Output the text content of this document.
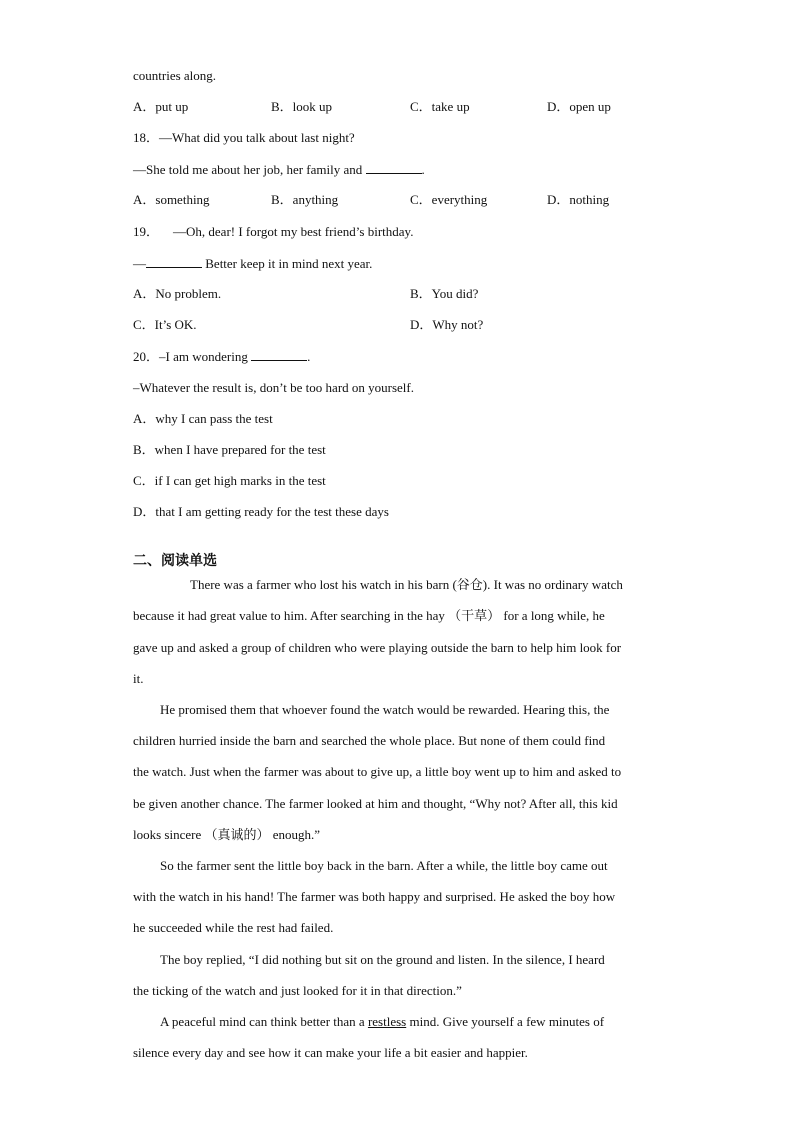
countries along.
A．put up	B．look up	C．take up	D．open up
18．—What did you talk about last night?
—She told me about her job, her family and	.
A．something	B．anything	C．everything	D．nothing
19． —Oh, dear! I forgot my best friend’s birthday.
—	Better keep it in mind next year.
A．No problem.	B．You did?
C．It’s OK.	D．Why not?
20．–I am wondering	.
–Whatever the result is, don’t be too hard on yourself.
A．why I can pass the test
B．when I have prepared for the test
C．if I can get high marks in the test
D．that I am getting ready for the test these days
二、阅读单选
There was a farmer who lost his watch in his barn (谷仓). It was no ordinary watch
because it had great value to him. After searching in the hay （干草） for a long while, he
gave up and asked a group of children who were playing outside the barn to help him look for
it.
He promised them that whoever found the watch would be rewarded. Hearing this, the
children hurried inside the barn and searched the whole place. But none of them could find
the watch. Just when the farmer was about to give up, a little boy went up to him and asked to
be given another chance. The farmer looked at him and thought, “Why not? After all, this kid
looks sincere （真诚的） enough.”
So the farmer sent the little boy back in the barn. After a while, the little boy came out
with the watch in his hand! The farmer was both happy and surprised. He asked the boy how
he succeeded while the rest had failed.
The boy replied, “I did nothing but sit on the ground and listen. In the silence, I heard
the ticking of the watch and just looked for it in that direction.”
A peaceful mind can think better than a restless mind. Give yourself a few minutes of
silence every day and see how it can make your life a bit easier and happier.
